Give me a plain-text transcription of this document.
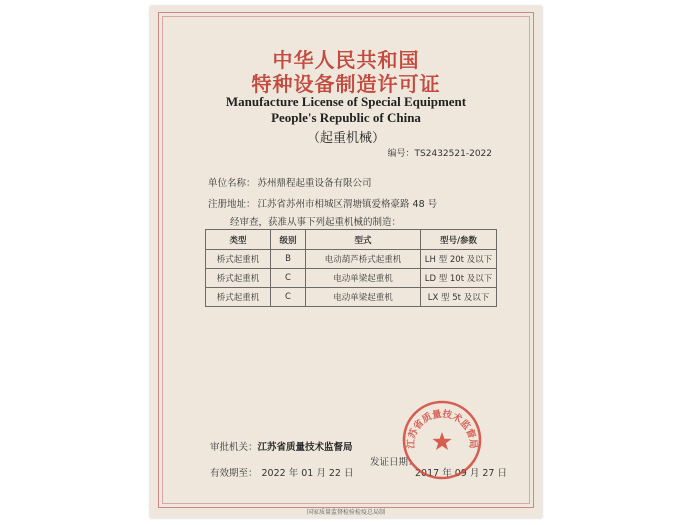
中华人民共和国
特种设备制造许可证
Manufacture License of Special Equipment
People's Republic of China
（起重机械）
编号：TS2432521-2022
单位名称： 苏州鼎程起重设备有限公司
注册地址： 江苏省苏州市相城区渭塘镇爱格豪路 48 号
经审查，获准从事下列起重机械的制造：
类型	级别	型式	型号/参数
桥式起重机	B	电动葫芦桥式起重机	LH 型 20t 及以下
桥式起重机	C	电动单梁起重机	LD 型 10t 及以下
桥式起重机	C	电动单梁起重机	LX 型 5t 及以下
审批机关：江苏省质量技术监督局
发证日期：
有效期至： 2022 年 01 月 22 日	2017 年 09 月 27 日
江苏省质量技术监督局
国家质量监督检验检疫总局制
